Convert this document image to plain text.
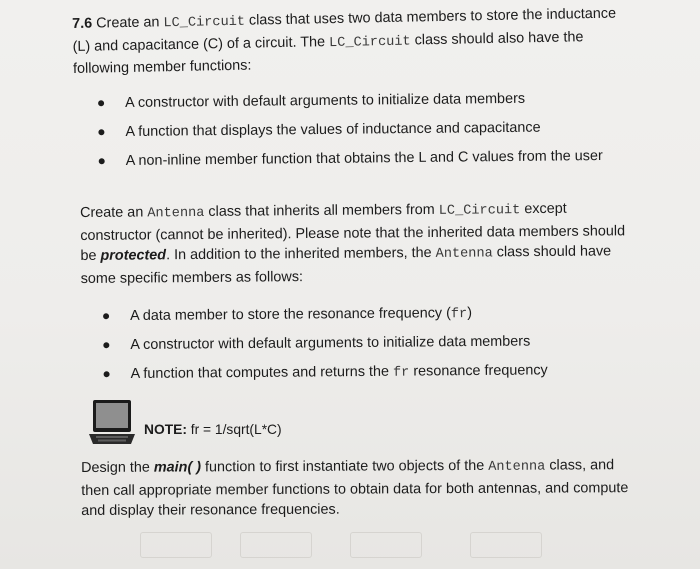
7.6 Create an LC_Circuit class that uses two data members to store the inductance
(L) and capacitance (C) of a circuit. The LC_Circuit class should also have the
following member functions:
A constructor with default arguments to initialize data members
A function that displays the values of inductance and capacitance
A non-inline member function that obtains the L and C values from the user
Create an Antenna class that inherits all members from LC_Circuit except
constructor (cannot be inherited). Please note that the inherited data members should
be protected. In addition to the inherited members, the Antenna class should have
some specific members as follows:
A data member to store the resonance frequency (fr)
A constructor with default arguments to initialize data members
A function that computes and returns the fr resonance frequency
NOTE: fr = 1/sqrt(L*C)
Design the main( ) function to first instantiate two objects of the Antenna class, and
then call appropriate member functions to obtain data for both antennas, and compute
and display their resonance frequencies.
